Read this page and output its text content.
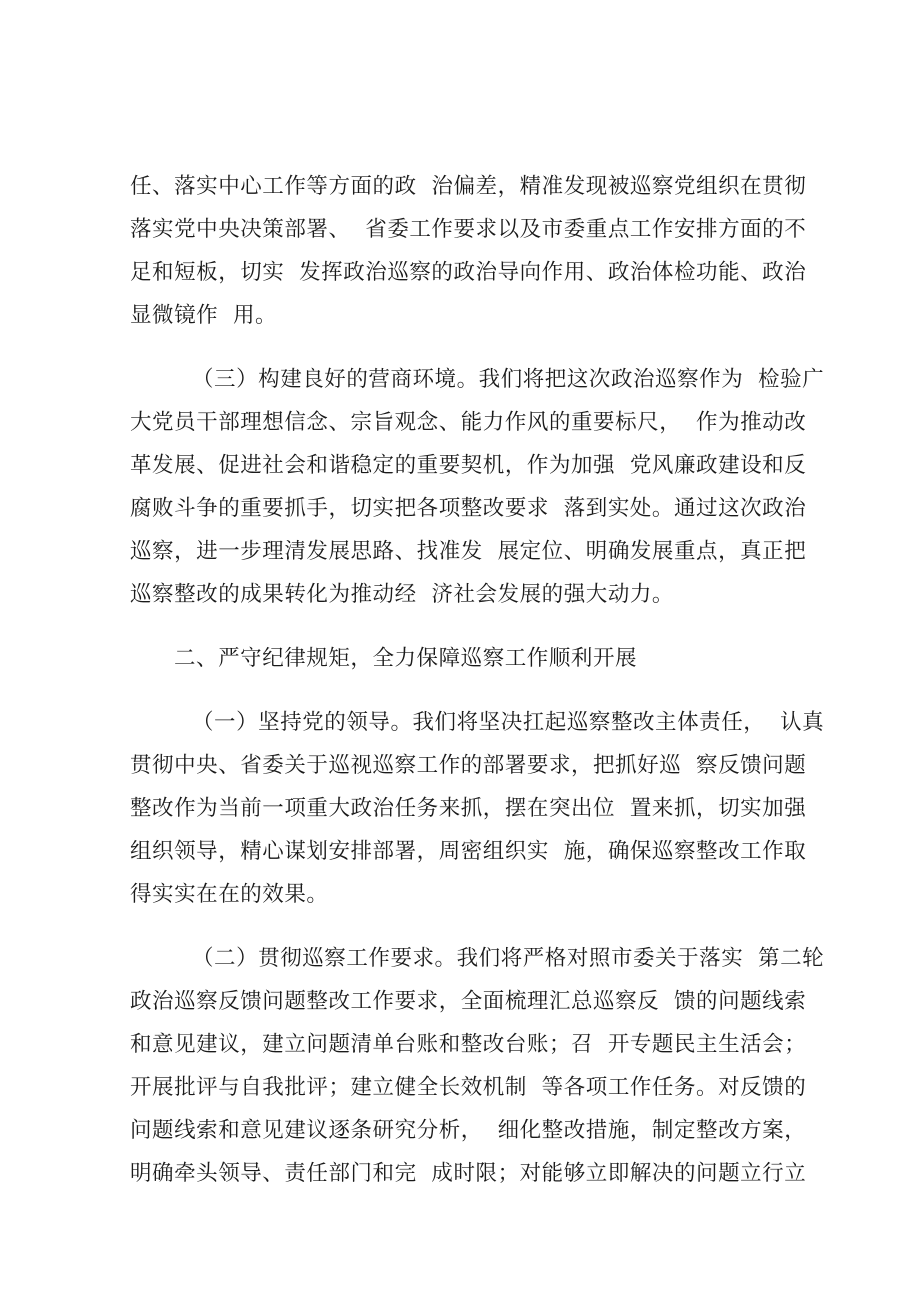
任、落实中心工作等方面的政  治偏差，精准发现被巡察党组织在贯彻
落实党中央决策部署、  省委工作要求以及市委重点工作安排方面的不
足和短板，切实  发挥政治巡察的政治导向作用、政治体检功能、政治
显微镜作  用。
（三）构建良好的营商环境。我们将把这次政治巡察作为  检验广
大党员干部理想信念、宗旨观念、能力作风的重要标尺，  作为推动改
革发展、促进社会和谐稳定的重要契机，作为加强  党风廉政建设和反
腐败斗争的重要抓手，切实把各项整改要求  落到实处。通过这次政治
巡察，进一步理清发展思路、找准发  展定位、明确发展重点，真正把
巡察整改的成果转化为推动经  济社会发展的强大动力。
二、严守纪律规矩，全力保障巡察工作顺利开展
（一）坚持党的领导。我们将坚决扛起巡察整改主体责任，  认真
贯彻中央、省委关于巡视巡察工作的部署要求，把抓好巡  察反馈问题
整改作为当前一项重大政治任务来抓，摆在突出位  置来抓，切实加强
组织领导，精心谋划安排部署，周密组织实  施，确保巡察整改工作取
得实实在在的效果。
（二）贯彻巡察工作要求。我们将严格对照市委关于落实  第二轮
政治巡察反馈问题整改工作要求，全面梳理汇总巡察反  馈的问题线索
和意见建议，建立问题清单台账和整改台账；召  开专题民主生活会；
开展批评与自我批评；建立健全长效机制  等各项工作任务。对反馈的
问题线索和意见建议逐条研究分析，  细化整改措施，制定整改方案，
明确牵头领导、责任部门和完  成时限；对能够立即解决的问题立行立
